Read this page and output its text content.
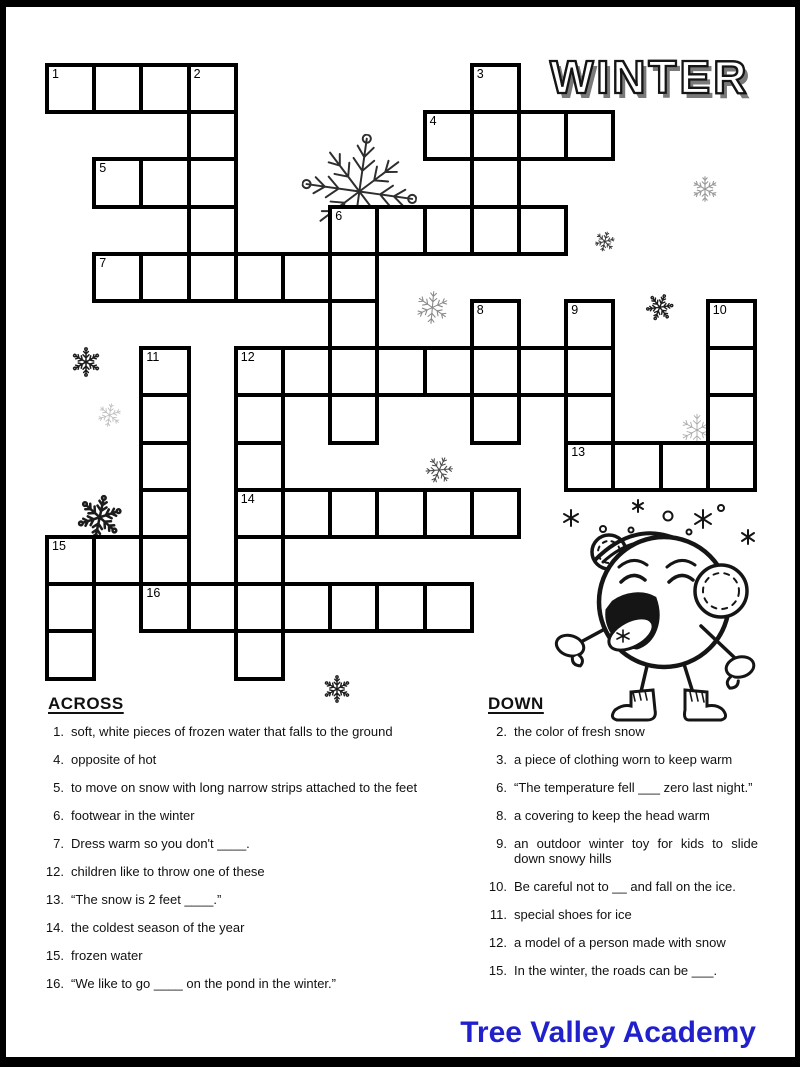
WINTER
1	2	3
4
5
6
7
8	9	10
11	12
13
14
15
16
ACROSS
1. soft, white pieces of frozen water that falls to the ground
4. opposite of hot
5. to move on snow with long narrow strips attached to the feet
6. footwear in the winter
7. Dress warm so you don't ____.
12. children like to throw one of these
13. “The snow is 2 feet ____.”
14. the coldest season of the year
15. frozen water
16. “We like to go ____ on the pond in the winter.”
DOWN
2. the color of fresh snow
3. a piece of clothing worn to keep warm
6. “The temperature fell ___ zero last night.”
8. a covering to keep the head warm
9. an outdoor winter toy for kids to slide down snowy hills
10. Be careful not to __ and fall on the ice.
11. special shoes for ice
12. a model of a person made with snow
15. In the winter, the roads can be ___.
Tree Valley Academy
